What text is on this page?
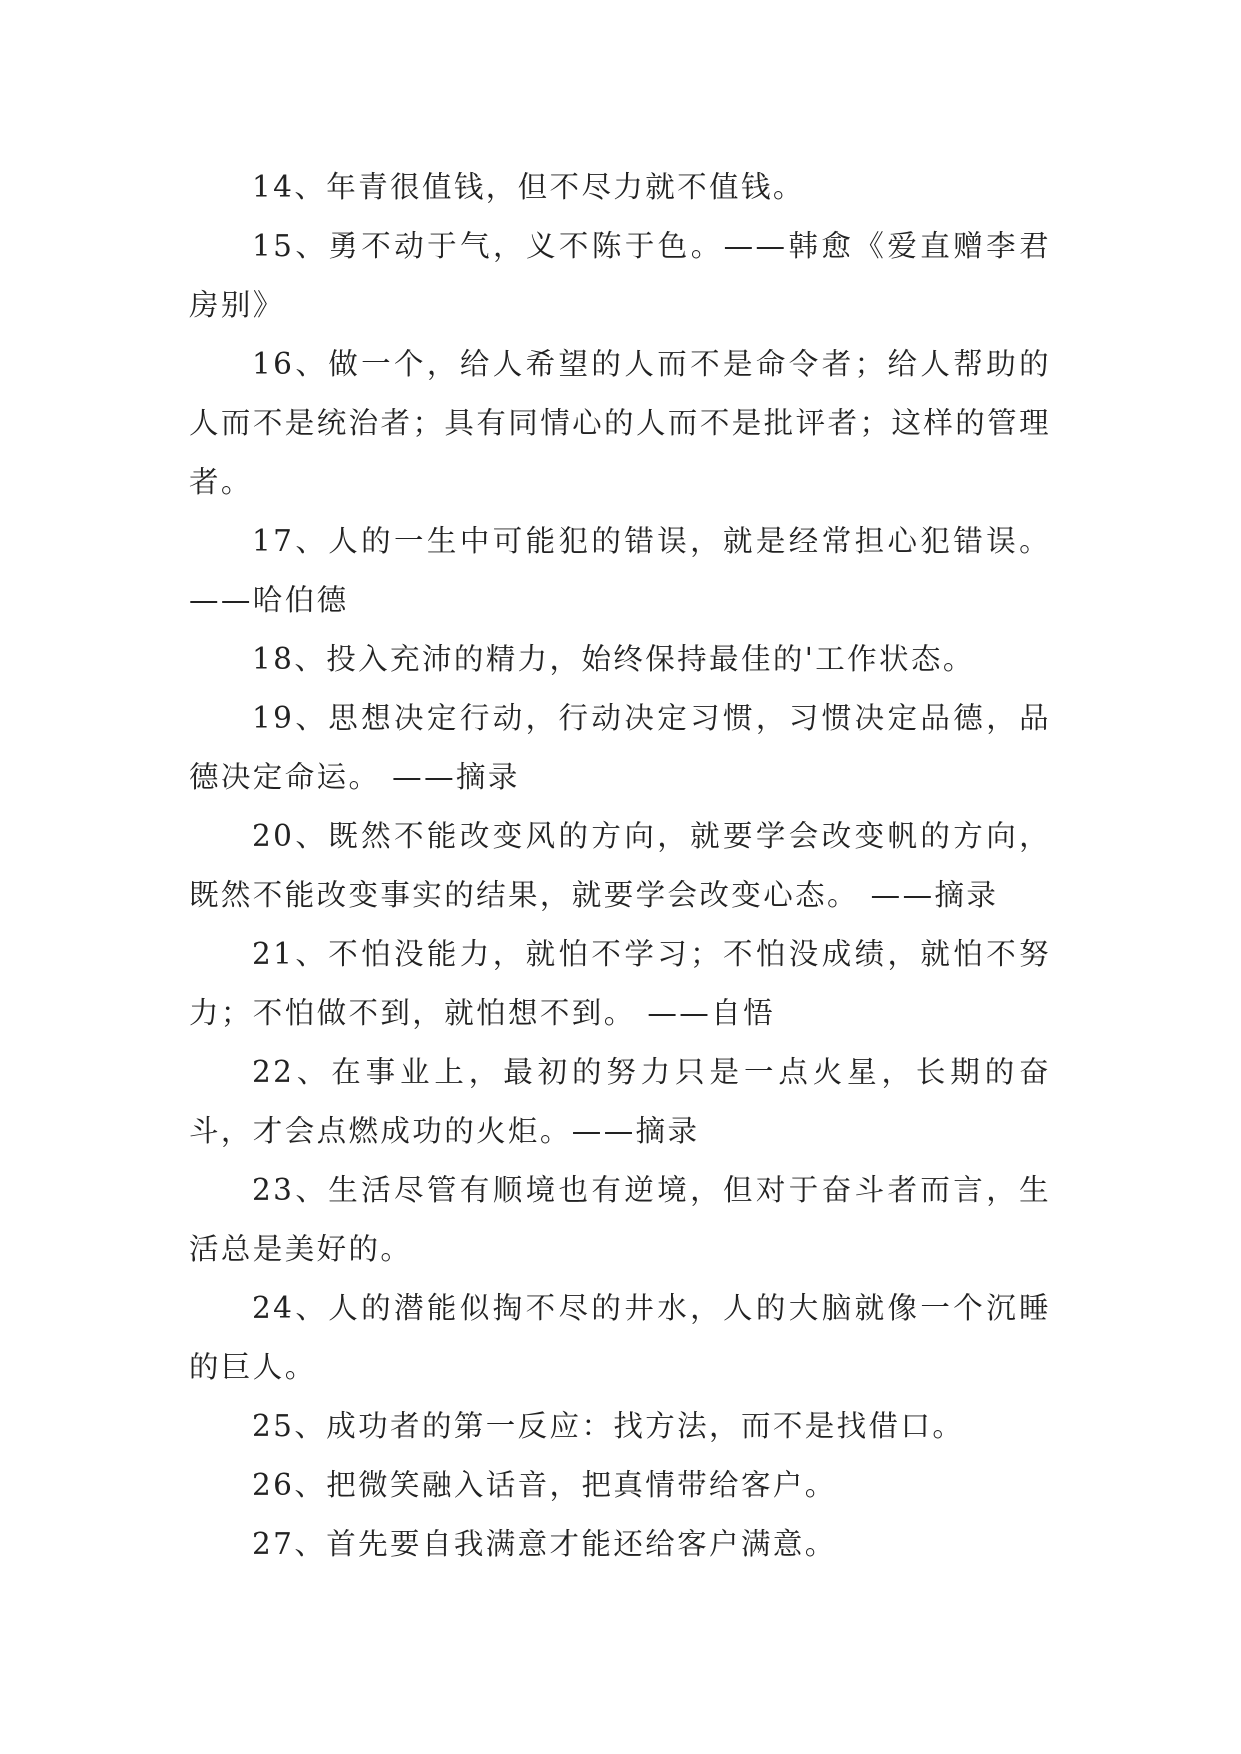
14、年青很值钱，但不尽力就不值钱。

15、勇不动于气，义不陈于色。——韩愈《爱直赠李君房别》

16、做一个，给人希望的人而不是命令者；给人帮助的人而不是统治者；具有同情心的人而不是批评者；这样的管理者。

17、人的一生中可能犯的错误，就是经常担心犯错误。——哈伯德

18、投入充沛的精力，始终保持最佳的'工作状态。

19、思想决定行动，行动决定习惯，习惯决定品德，品德决定命运。 ——摘录

20、既然不能改变风的方向，就要学会改变帆的方向，既然不能改变事实的结果，就要学会改变心态。 ——摘录

21、不怕没能力，就怕不学习；不怕没成绩，就怕不努力；不怕做不到，就怕想不到。 ——自悟

22、在事业上，最初的努力只是一点火星，长期的奋斗，才会点燃成功的火炬。——摘录

23、生活尽管有顺境也有逆境，但对于奋斗者而言，生活总是美好的。

24、人的潜能似掏不尽的井水，人的大脑就像一个沉睡的巨人。

25、成功者的第一反应：找方法，而不是找借口。

26、把微笑融入话音，把真情带给客户。

27、首先要自我满意才能还给客户满意。
